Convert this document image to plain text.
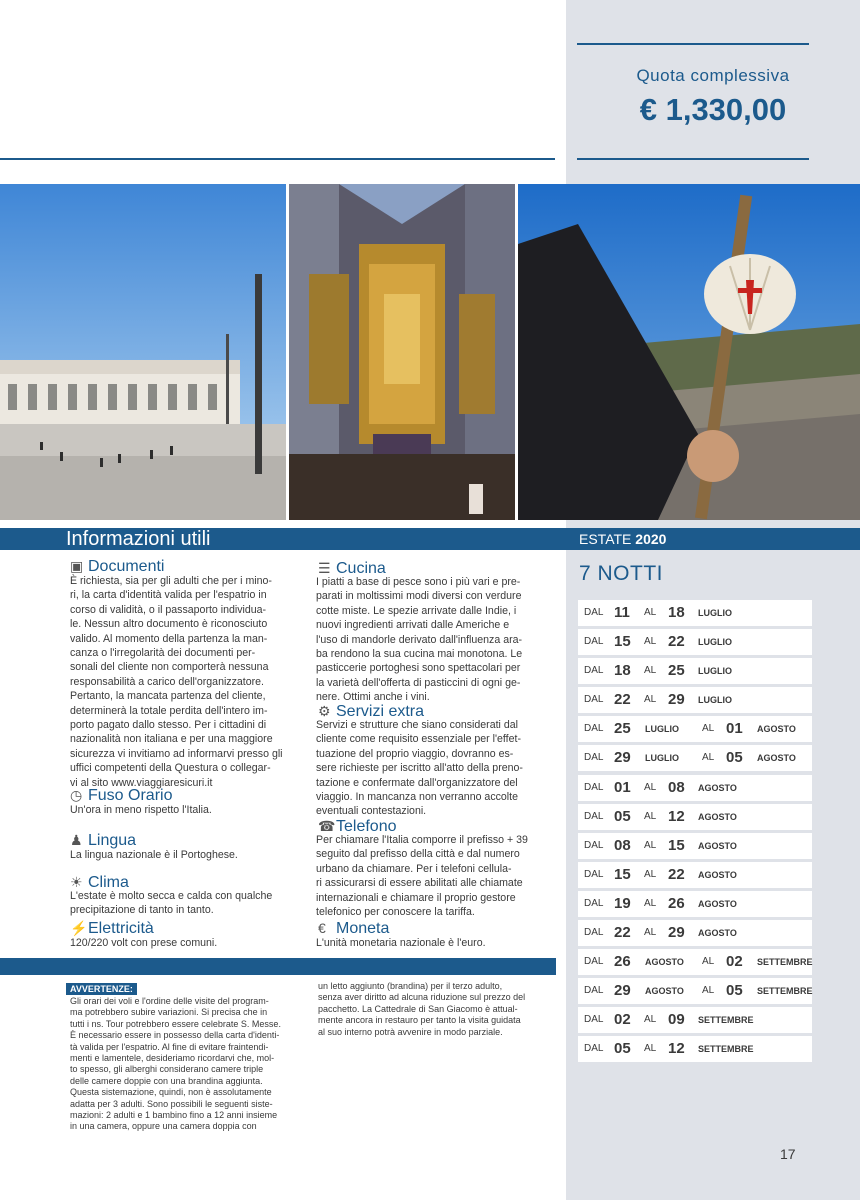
Quota complessiva
€ 1,330,00
Informazioni utili	ESTATE 2020
7 NOTTI
▣ Documenti
È richiesta, sia per gli adulti che per i mino-
ri, la carta d'identità valida per l'espatrio in
corso di validità, o il passaporto individua-
le. Nessun altro documento è riconosciuto
valido. Al momento della partenza la man-
canza o l'irregolarità dei documenti per-
sonali del cliente non comporterà nessuna
responsabilità a carico dell'organizzatore.
Pertanto, la mancata partenza del cliente,
determinerà la totale perdita dell'intero im-
porto pagato dallo stesso. Per i cittadini di
nazionalità non italiana e per una maggiore
sicurezza vi invitiamo ad informarvi presso gli
uffici competenti della Questura o collegar-
vi al sito www.viaggiaresicuri.it
◷ Fuso Orario
Un'ora in meno rispetto l'Italia.
♟ Lingua
La lingua nazionale è il Portoghese.
☀ Clima
L'estate è molto secca e calda con qualche
precipitazione di tanto in tanto.
⚡Elettricità
120/220 volt con prese comuni.
☰ Cucina
I piatti a base di pesce sono i più vari e pre-
parati in moltissimi modi diversi con verdure
cotte miste. Le spezie arrivate dalle Indie, i
nuovi ingredienti arrivati dalle Americhe e
l'uso di mandorle derivato dall'influenza ara-
ba rendono la sua cucina mai monotona. Le
pasticcerie portoghesi sono spettacolari per
la varietà dell'offerta di pasticcini di ogni ge-
nere. Ottimi anche i vini.
⚙ Servizi extra
Servizi e strutture che siano considerati dal
cliente come requisito essenziale per l'effet-
tuazione del proprio viaggio, dovranno es-
sere richieste per iscritto all'atto della preno-
tazione e confermate dall'organizzatore del
viaggio. In mancanza non verranno accolte
eventuali contestazioni.
☎Telefono
Per chiamare l'Italia comporre il prefisso + 39
seguito dal prefisso della città e dal numero
urbano da chiamare. Per i telefoni cellula-
ri assicurarsi di essere abilitati alle chiamate
internazionali e chiamare il proprio gestore
telefonico per conoscere la tariffa.
€ Moneta
L'unità monetaria nazionale è l'euro.
AVVERTENZE:
Gli orari dei voli e l'ordine delle visite del program-
ma potrebbero subire variazioni. Si precisa che in
tutti i ns. Tour potrebbero essere celebrate S. Messe.
È necessario essere in possesso della carta d'identi-
tà valida per l'espatrio. Al fine di evitare fraintendi-
menti e lamentele, desideriamo ricordarvi che, mol-
to spesso, gli alberghi considerano camere triple
delle camere doppie con una brandina aggiunta.
Questa sistemazione, quindi, non è assolutamente
adatta per 3 adulti. Sono possibili le seguenti siste-
mazioni: 2 adulti e 1 bambino fino a 12 anni insieme
in una camera, oppure una camera doppia con
un letto aggiunto (brandina) per il terzo adulto,
senza aver diritto ad alcuna riduzione sul prezzo del
pacchetto. La Cattedrale di San Giacomo è attual-
mente ancora in restauro per tanto la visita guidata
al suo interno potrà avvenire in modo parziale.
DAL 11 AL 18 LUGLIO
DAL 15 AL 22 LUGLIO
DAL 18 AL 25 LUGLIO
DAL 22 AL 29 LUGLIO
DAL 25 LUGLIO AL 01 AGOSTO
DAL 29 LUGLIO AL 05 AGOSTO
DAL 01 AL 08 AGOSTO
DAL 05 AL 12 AGOSTO
DAL 08 AL 15 AGOSTO
DAL 15 AL 22 AGOSTO
DAL 19 AL 26 AGOSTO
DAL 22 AL 29 AGOSTO
DAL 26 AGOSTO AL 02 SETTEMBRE
DAL 29 AGOSTO AL 05 SETTEMBRE
DAL 02 AL 09 SETTEMBRE
DAL 05 AL 12 SETTEMBRE
17
